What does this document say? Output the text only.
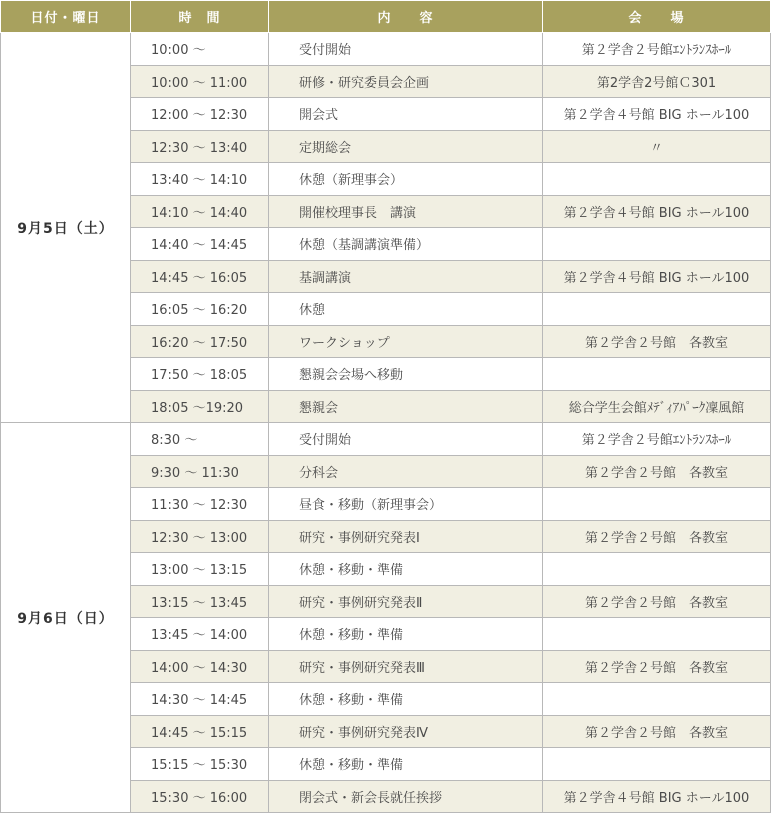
日付・曜日	時　間	内　　容	会　　場
9月5日（土）	10:00 ～	受付開始	第２学舎２号館ｴﾝﾄﾗﾝｽﾎｰﾙ
	10:00 ～ 11:00	研修・研究委員会企画	第2学舎2号館Ｃ301
	12:00 ～ 12:30	開会式	第２学舎４号館 BIG ホール100
	12:30 ～ 13:40	定期総会	〃
	13:40 ～ 14:10	休憩（新理事会）	
	14:10 ～ 14:40	開催校理事長　講演	第２学舎４号館 BIG ホール100
	14:40 ～ 14:45	休憩（基調講演準備）	
	14:45 ～ 16:05	基調講演	第２学舎４号館 BIG ホール100
	16:05 ～ 16:20	休憩	
	16:20 ～ 17:50	ワークショップ	第２学舎２号館　各教室
	17:50 ～ 18:05	懇親会会場へ移動	
	18:05 ～19:20	懇親会	総合学生会館ﾒﾃﾞｨｱﾊﾟｰｸ凜風館
9月6日（日）	8:30 ～	受付開始	第２学舎２号館ｴﾝﾄﾗﾝｽﾎｰﾙ
	9:30 ～ 11:30	分科会	第２学舎２号館　各教室
	11:30 ～ 12:30	昼食・移動（新理事会）	
	12:30 ～ 13:00	研究・事例研究発表Ⅰ	第２学舎２号館　各教室
	13:00 ～ 13:15	休憩・移動・準備	
	13:15 ～ 13:45	研究・事例研究発表Ⅱ	第２学舎２号館　各教室
	13:45 ～ 14:00	休憩・移動・準備	
	14:00 ～ 14:30	研究・事例研究発表Ⅲ	第２学舎２号館　各教室
	14:30 ～ 14:45	休憩・移動・準備	
	14:45 ～ 15:15	研究・事例研究発表Ⅳ	第２学舎２号館　各教室
	15:15 ～ 15:30	休憩・移動・準備	
	15:30 ～ 16:00	閉会式・新会長就任挨拶	第２学舎４号館 BIG ホール100
